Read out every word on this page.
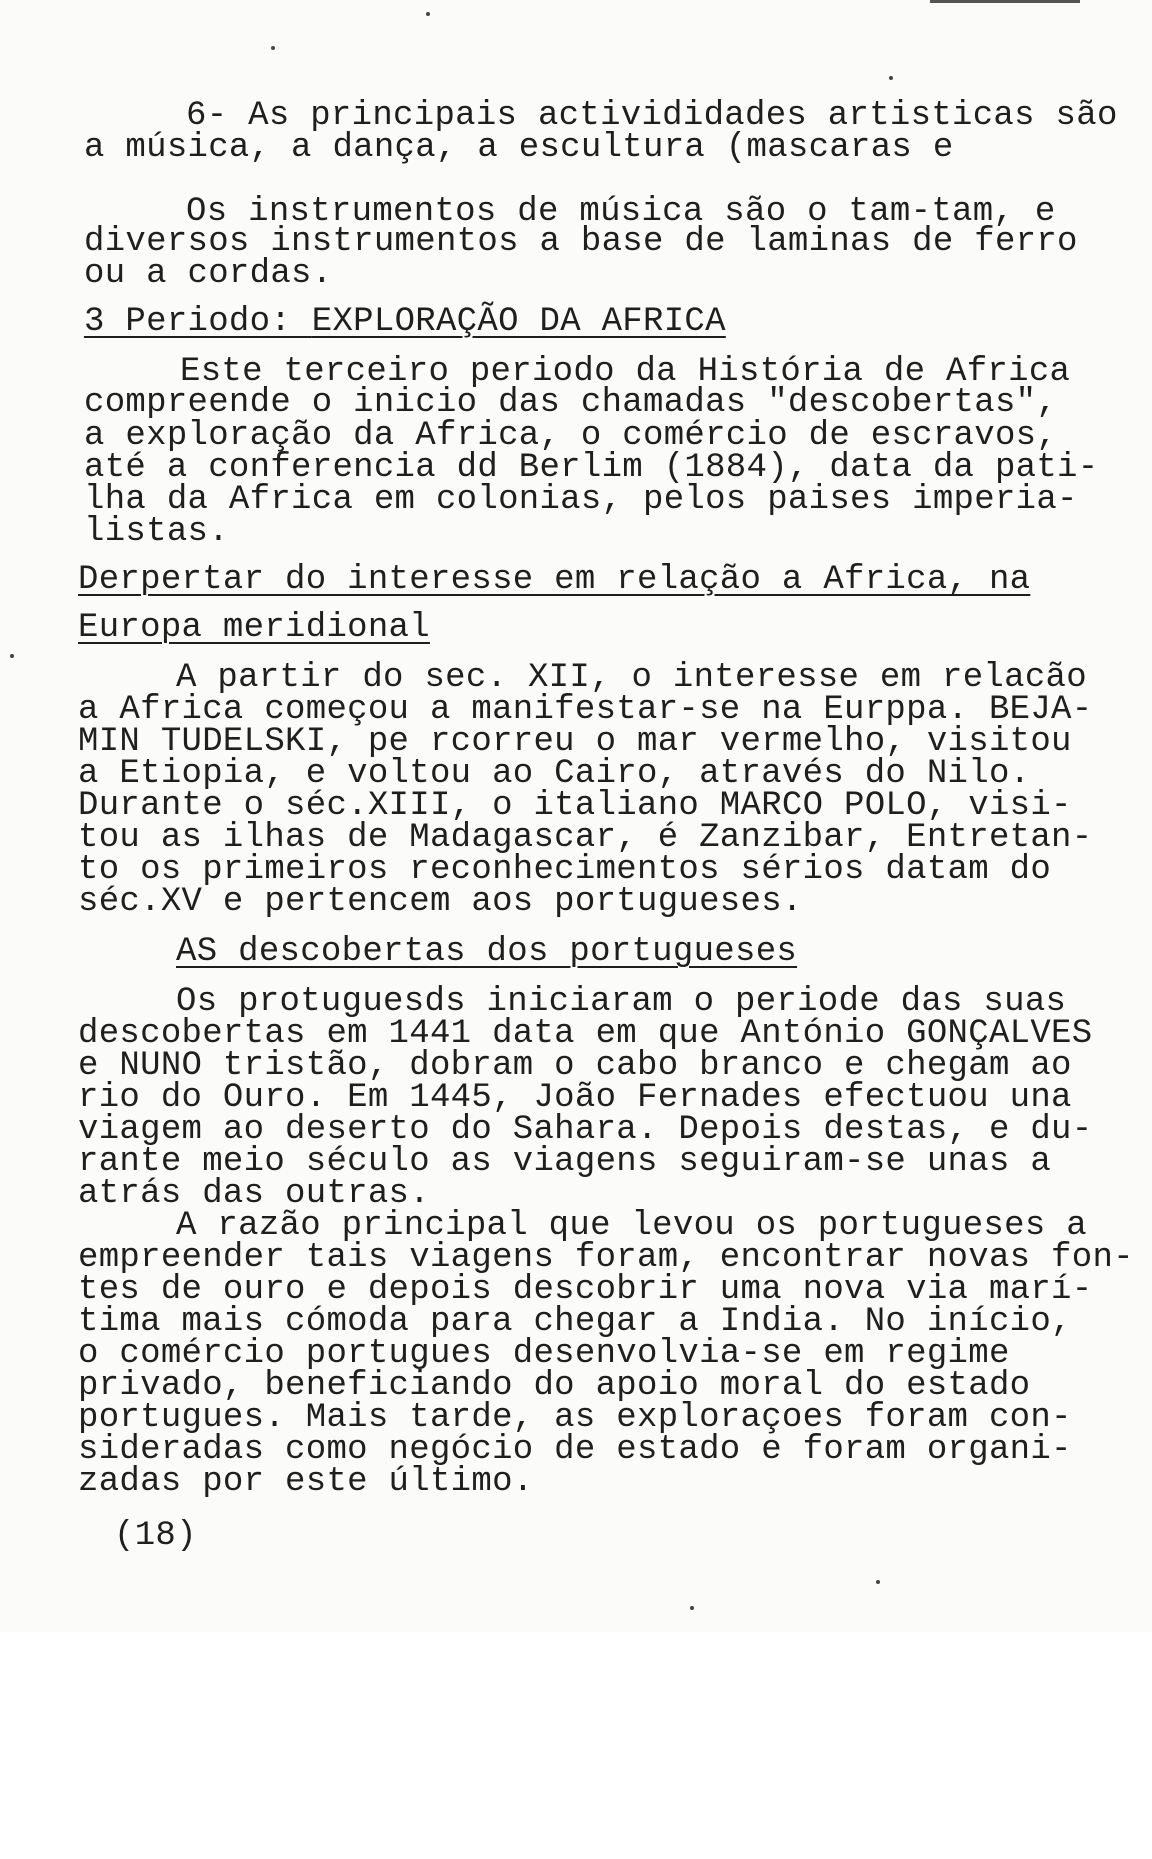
6- As principais activididades artisticas são

a música, a dança, a escultura (mascaras e

Os instrumentos de música são o tam-tam, e

diversos instrumentos a base de laminas de ferro

ou a cordas.

3 Periodo: EXPLORAÇÃO DA AFRICA

Este terceiro periodo da História de Africa

compreende o inicio das chamadas "descobertas",

a exploração da Africa, o comércio de escravos,

até a conferencia dd Berlim (1884), data da pati-

lha da Africa em colonias, pelos paises imperia-

listas.

Derpertar do interesse em relação a Africa, na

Europa meridional

A partir do sec. XII, o interesse em relacão

a Africa começou a manifestar-se na Eurppa. BEJA-

MIN TUDELSKI, pe rcorreu o mar vermelho, visitou

a Etiopia, e voltou ao Cairo, através do Nilo.

Durante o séc.XIII, o italiano MARCO POLO, visi-

tou as ilhas de Madagascar, é Zanzibar, Entretan-

to os primeiros reconhecimentos sérios datam do

séc.XV e pertencem aos portugueses.

AS descobertas dos portugueses

Os protuguesds iniciaram o periode das suas

descobertas em 1441 data em que António GONÇALVES

e NUNO tristão, dobram o cabo branco e chegam ao

rio do Ouro. Em 1445, João Fernades efectuou una

viagem ao deserto do Sahara. Depois destas, e du-

rante meio século as viagens seguiram-se unas a

atrás das outras.

A razão principal que levou os portugueses a

empreender tais viagens foram, encontrar novas fon-

tes de ouro e depois descobrir uma nova via marí-

tima mais cómoda para chegar a India. No início,

o comércio portugues desenvolvia-se em regime

privado, beneficiando do apoio moral do estado

portugues. Mais tarde, as exploraçoes foram con-

sideradas como negócio de estado e foram organi-

zadas por este último.

(18)
